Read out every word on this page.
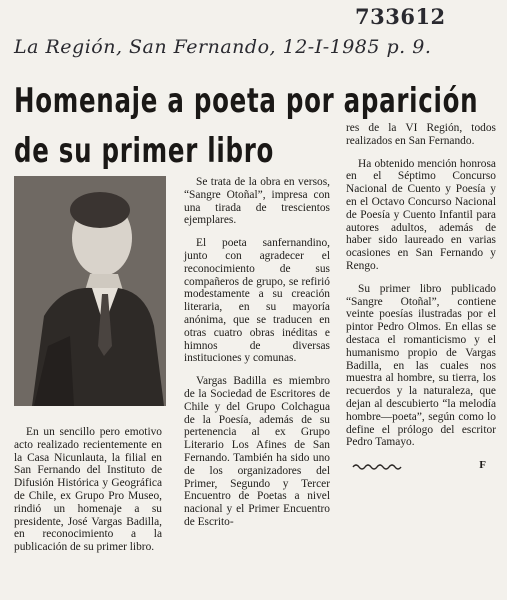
733612
La Región, San Fernando, 12-I-1985 p. 9.
Homenaje a poeta por aparición
de su primer libro

En un sencillo pero emotivo acto realizado recientemente en la Casa Nicunlauta, la filial en San Fernando del Instituto de Difusión Histórica y Geográfica de Chile, ex Grupo Pro Museo, rindió un homenaje a su presidente, José Vargas Badilla, en reconocimiento a la publicación de su primer libro.

Se trata de la obra en versos, “Sangre Otoñal”, impresa con una tirada de trescientos ejemplares.

El poeta sanfernandino, junto con agradecer el reconocimiento de sus compañeros de grupo, se refirió modestamente a su creación literaria, en su mayoría anónima, que se traducen en otras cuatro obras inéditas e himnos de diversas instituciones y comunas.

Vargas Badilla es miembro de la Sociedad de Escritores de Chile y del Grupo Colchagua de la Poesía, además de su pertenencia al ex Grupo Literario Los Afines de San Fernando. También ha sido uno de los organizadores del Primer, Segundo y Tercer Encuentro de Poetas a nivel nacional y el Primer Encuentro de Escrito-

res de la VI Región, todos realizados en San Fernando.

Ha obtenido mención honrosa en el Séptimo Concurso Nacional de Cuento y Poesía y en el Octavo Concurso Nacional de Poesía y Cuento Infantil para autores adultos, además de haber sido laureado en varias ocasiones en San Fernando y Rengo.

Su primer libro publicado “Sangre Otoñal”, contiene veinte poesías ilustradas por el pintor Pedro Olmos. En ellas se destaca el romanticismo y el humanismo propio de Vargas Badilla, en las cuales nos muestra al hombre, su tierra, los recuerdos y la naturaleza, que dejan al descubierto “la melodía hombre—poeta”, según como lo define el prólogo del escritor Pedro Tamayo.

F
